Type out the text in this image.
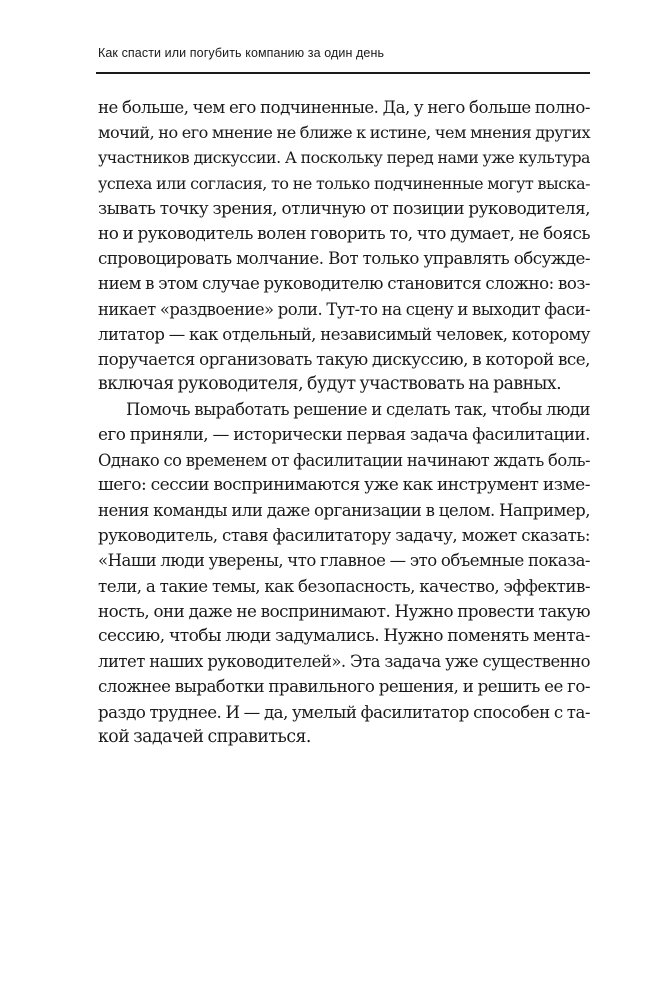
Как спасти или погубить компанию за один день

не больше, чем его подчиненные. Да, у него больше полно-
мочий, но его мнение не ближе к истине, чем мнения других
участников дискуссии. А поскольку перед нами уже культура
успеха или согласия, то не только подчиненные могут выска-
зывать точку зрения, отличную от позиции руководителя,
но и руководитель волен говорить то, что думает, не боясь
спровоцировать молчание. Вот только управлять обсужде-
нием в этом случае руководителю становится сложно: воз-
никает «раздвоение» роли. Тут-то на сцену и выходит фаси-
литатор — как отдельный, независимый человек, которому
поручается организовать такую дискуссию, в которой все,
включая руководителя, будут участвовать на равных.

Помочь выработать решение и сделать так, чтобы люди
его приняли, — исторически первая задача фасилитации.
Однако со временем от фасилитации начинают ждать боль-
шего: сессии воспринимаются уже как инструмент изме-
нения команды или даже организации в целом. Например,
руководитель, ставя фасилитатору задачу, может сказать:
«Наши люди уверены, что главное — это объемные показа-
тели, а такие темы, как безопасность, качество, эффектив-
ность, они даже не воспринимают. Нужно провести такую
сессию, чтобы люди задумались. Нужно поменять мента-
литет наших руководителей». Эта задача уже существенно
сложнее выработки правильного решения, и решить ее го-
раздо труднее. И — да, умелый фасилитатор способен с та-
кой задачей справиться.
